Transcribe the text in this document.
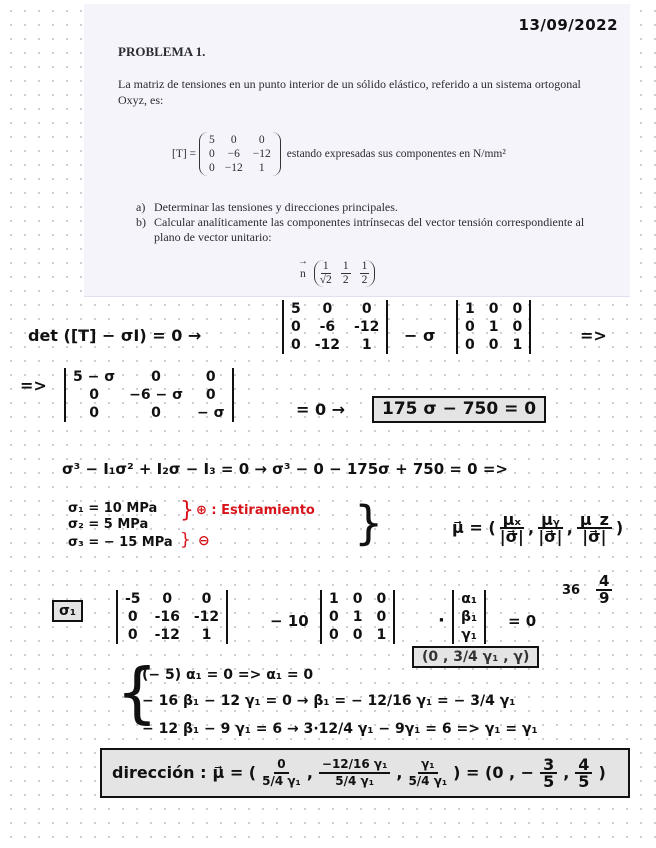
13/09/2022
PROBLEMA 1.
La matriz de tensiones en un punto interior de un sólido elástico, referido a un sistema ortogonal Oxyz, es:
[T] =
5	0	0
0	−6	−12
0	−12	1
estando expresadas sus componentes en N/mm²
a) Determinar las tensiones y direcciones principales.
b) Calcular analíticamente las componentes intrínsecas del vector tensión correspondiente al plano de vector unitario:
→
n $\frac{1}{√2} \frac{1}{2} \frac{1}{2}$
det ([T] − σI) = 0 →
5	0	0
0	-6	-12
0	-12	1 − σ
1	0	0
0	1	0
0	0	1	=>
=> 5 − σ	0	0
0	−6 − σ	0
0	0	− σ	= 0 →	175 σ − 750 = 0
σ³ − I₁σ² + I₂σ − I₃ = 0 → σ³ − 0 − 175σ + 750 = 0 =>
σ₁ = 10 MPa
σ₂ = 5 MPa
σ₃ = − 15 MPa
} ⊕ : Estiramiento
} ⊖	}	μ⃗ = ( $\frac{\text{μₓ}}{|\sigma⃗|}$ , $\frac{\text{μᵧ}}{|\sigma⃗|}$ , $\frac{\mu\_z}{|\sigma⃗|}$ )
σ₁
-5	0	0
0	-16	-12
0	-12	1
− 10
1	0	0
0	1	0
0	0	1
·
α₁
β₁
γ₁
= 0
$36 \frac{4}{9}$
(0 , 3/4 γ₁ , γ)
{
(− 5) α₁ = 0 => α₁ = 0
− 16 β₁ − 12 γ₁ = 0 → β₁ = − 12/16 γ₁ = − 3/4 γ₁
− 12 β₁ − 9 γ₁ = 6 → 3·12/4 γ₁ − 9γ₁ = 6 => γ₁ = γ₁
dirección : μ⃗ = ( $\frac{0}{\text{5/4 γ₁}}$ , $\frac{\text{−12/16 γ₁}}{\text{5/4 γ₁}}$ , $\frac{\text{γ₁}}{\text{5/4 γ₁}}$ ) = (0 , − $\frac{3}{5}$ , $\frac{4}{5}$ )
